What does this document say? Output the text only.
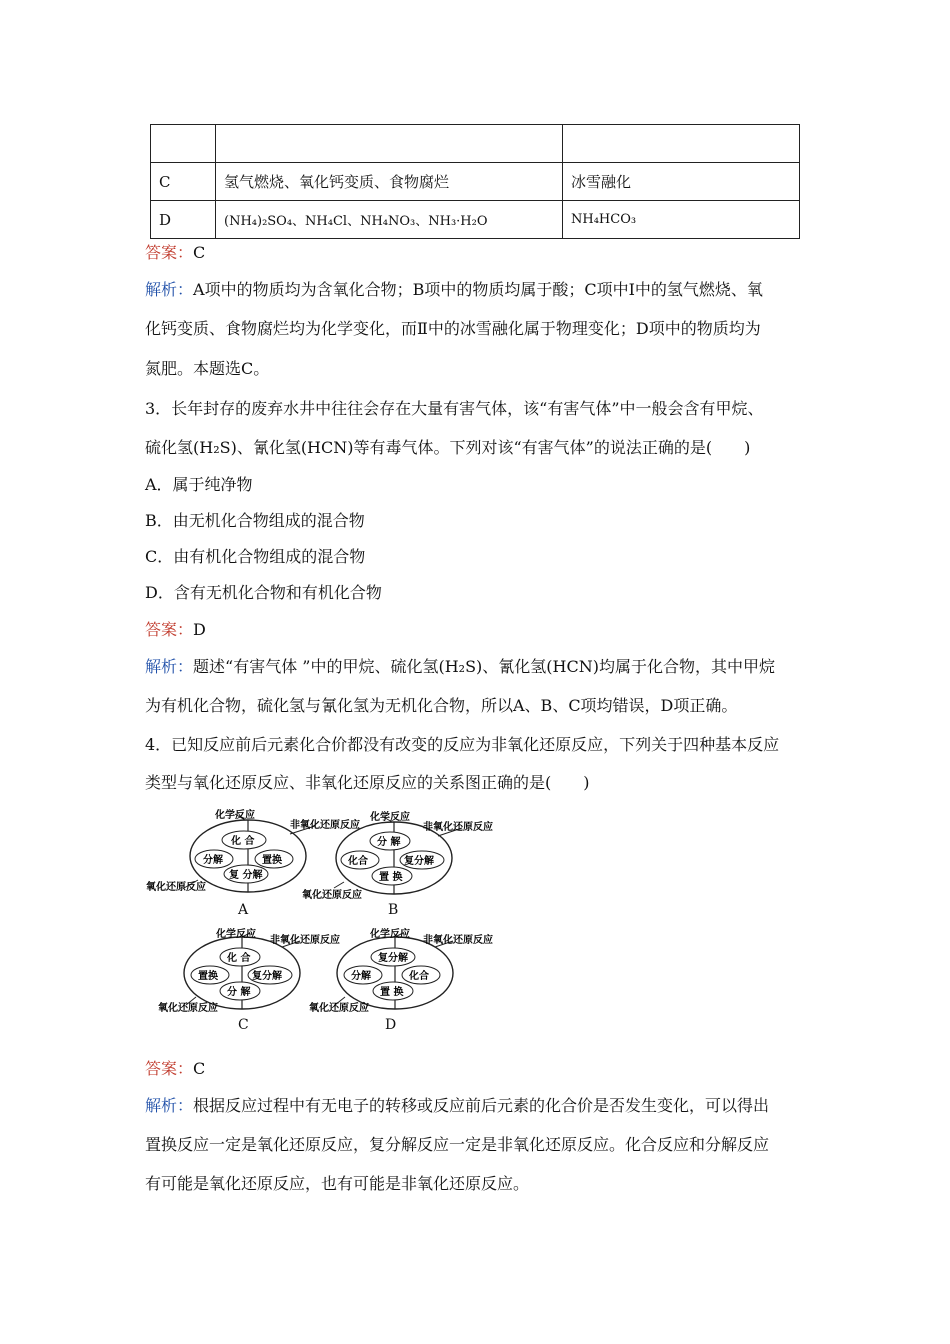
C	氢气燃烧、氧化钙变质、食物腐烂	冰雪融化
D	(NH₄)₂SO₄、NH₄Cl、NH₄NO₃、NH₃·H₂O	NH₄HCO₃
答案：C
解析：A项中的物质均为含氧化合物；B项中的物质均属于酸；C项中Ⅰ中的氢气燃烧、氧
化钙变质、食物腐烂均为化学变化，而Ⅱ中的冰雪融化属于物理变化；D项中的物质均为
氮肥。本题选C。
3．长年封存的废弃水井中往往会存在大量有害气体，该“有害气体”中一般会含有甲烷、
硫化氢(H₂S)、氰化氢(HCN)等有毒气体。下列对该“有害气体”的说法正确的是(　　)
A．属于纯净物
B．由无机化合物组成的混合物
C．由有机化合物组成的混合物
D．含有无机化合物和有机化合物
答案：D
解析：题述“有害气体 ”中的甲烷、硫化氢(H₂S)、氰化氢(HCN)均属于化合物，其中甲烷
为有机化合物，硫化氢与氰化氢为无机化合物，所以A、B、C项均错误，D项正确。
4．已知反应前后元素化合价都没有改变的反应为非氧化还原反应，下列关于四种基本反应
类型与氧化还原反应、非氧化还原反应的关系图正确的是(　　)
化学反应
非氧化还原反应
氧化还原反应
化 合
分解	置换
复 分解
A
化学反应
非氧化还原反应
氧化还原反应
分 解
化合	复分解
置 换
B
化学反应
非氧化还原反应
氧化还原反应
化 合
置换	复分解
分 解
C
化学反应
非氧化还原反应
氧化还原反应
复分解
分解	化合
置 换
D
答案：C
解析：根据反应过程中有无电子的转移或反应前后元素的化合价是否发生变化，可以得出
置换反应一定是氧化还原反应，复分解反应一定是非氧化还原反应。化合反应和分解反应
有可能是氧化还原反应，也有可能是非氧化还原反应。
